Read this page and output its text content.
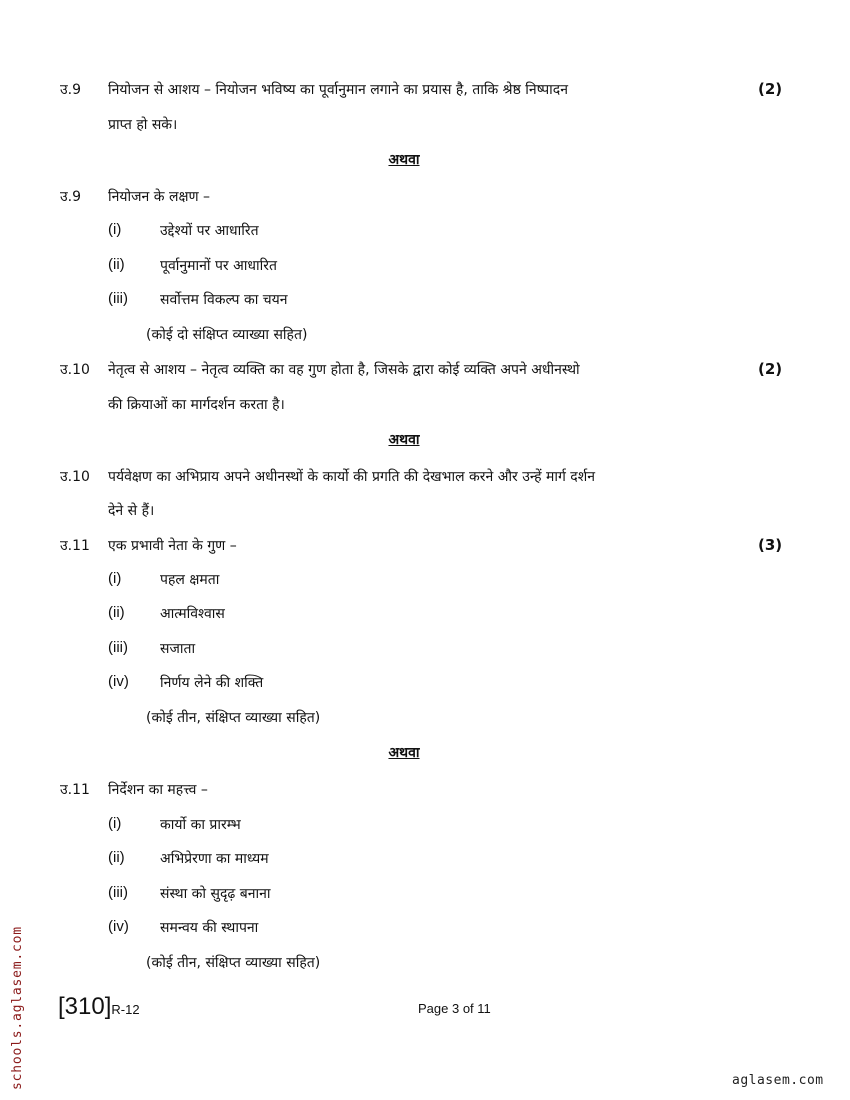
उ.9 नियोजन से आशय – नियोजन भविष्य का पूर्वानुमान लगाने का प्रयास है, ताकि श्रेष्ठ निष्पादन	(2)
प्राप्त हो सके।
अथवा
उ.9 नियोजन के लक्षण –
(i)	उद्देश्यों पर आधारित
(ii)	पूर्वानुमानों पर आधारित
(iii) सर्वोत्तम विकल्प का चयन
(कोई दो संक्षिप्त व्याख्या सहित)
उ.10 नेतृत्व से आशय – नेतृत्व व्यक्ति का वह गुण होता है, जिसके द्वारा कोई व्यक्ति अपने अधीनस्थो	(2)
की क्रियाओं का मार्गदर्शन करता है।
अथवा
उ.10 पर्यवेक्षण का अभिप्राय अपने अधीनस्थों के कार्यो की प्रगति की देखभाल करने और उन्हें मार्ग दर्शन
देने से हैं।
उ.11 एक प्रभावी नेता के गुण –	(3)
(i)	पहल क्षमता
(ii)	आत्मविश्वास
(iii) सजाता
(iv) निर्णय लेने की शक्ति
(कोई तीन, संक्षिप्त व्याख्या सहित)
अथवा
उ.11 निर्देशन का महत्त्व –
(i)	कार्यो का प्रारम्भ
(ii)	अभिप्रेरणा का माध्यम
(iii) संस्था को सुदृढ़ बनाना
(iv) समन्वय की स्थापना
(कोई तीन, संक्षिप्त व्याख्या सहित)
[310]R-12	Page 3 of 11
schools.aglasem.com	aglasem.com
